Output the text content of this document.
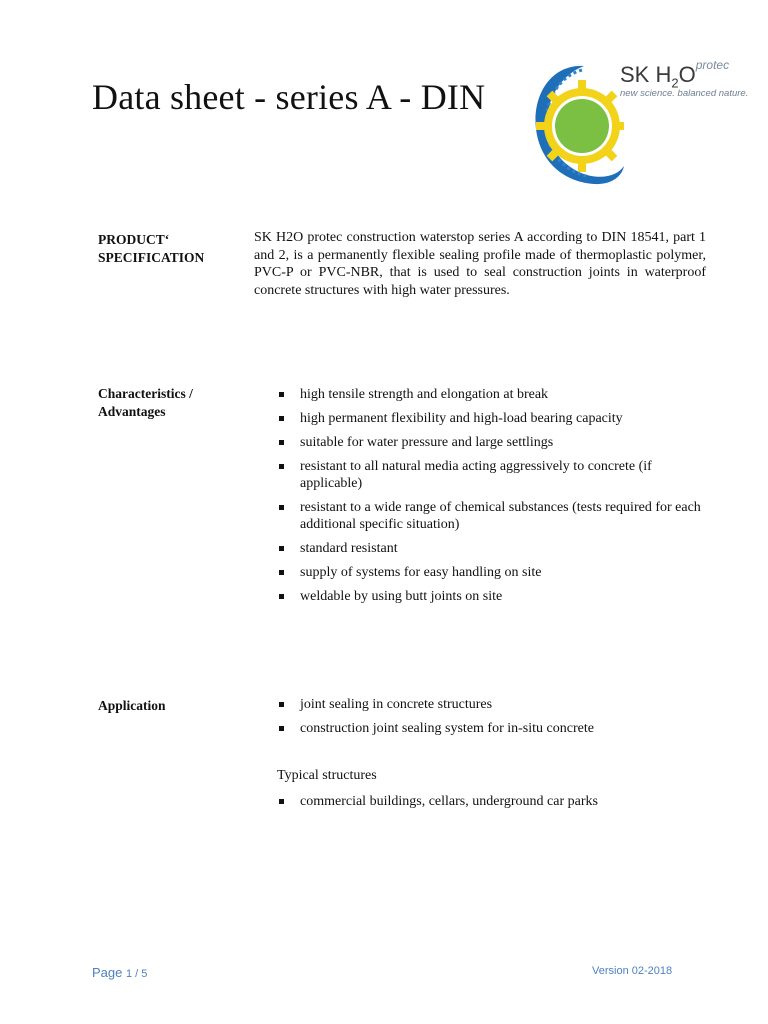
Data sheet - series A - DIN
SK $H_2O^{protec}$
new science. balanced nature.
PRODUCT‘
SPECIFICATION
SK H2O protec construction waterstop series A according to DIN 18541, part 1 and 2, is a permanently flexible sealing profile made of thermoplastic polymer, PVC-P or PVC-NBR, that is used to seal construction joints in waterproof concrete structures with high water pressures.
Characteristics /
Advantages
high tensile strength and elongation at break
high permanent flexibility and high-load bearing capacity
suitable for water pressure and large settlings
resistant to all natural media acting aggressively to concrete (if applicable)
resistant to a wide range of chemical substances (tests required for each additional specific situation)
standard resistant
supply of systems for easy handling on site
weldable by using butt joints on site
Application	joint sealing in concrete structures
construction joint sealing system for in-situ concrete
Typical structures
commercial buildings, cellars, underground car parks
Page 1 / 5	Version 02-2018
